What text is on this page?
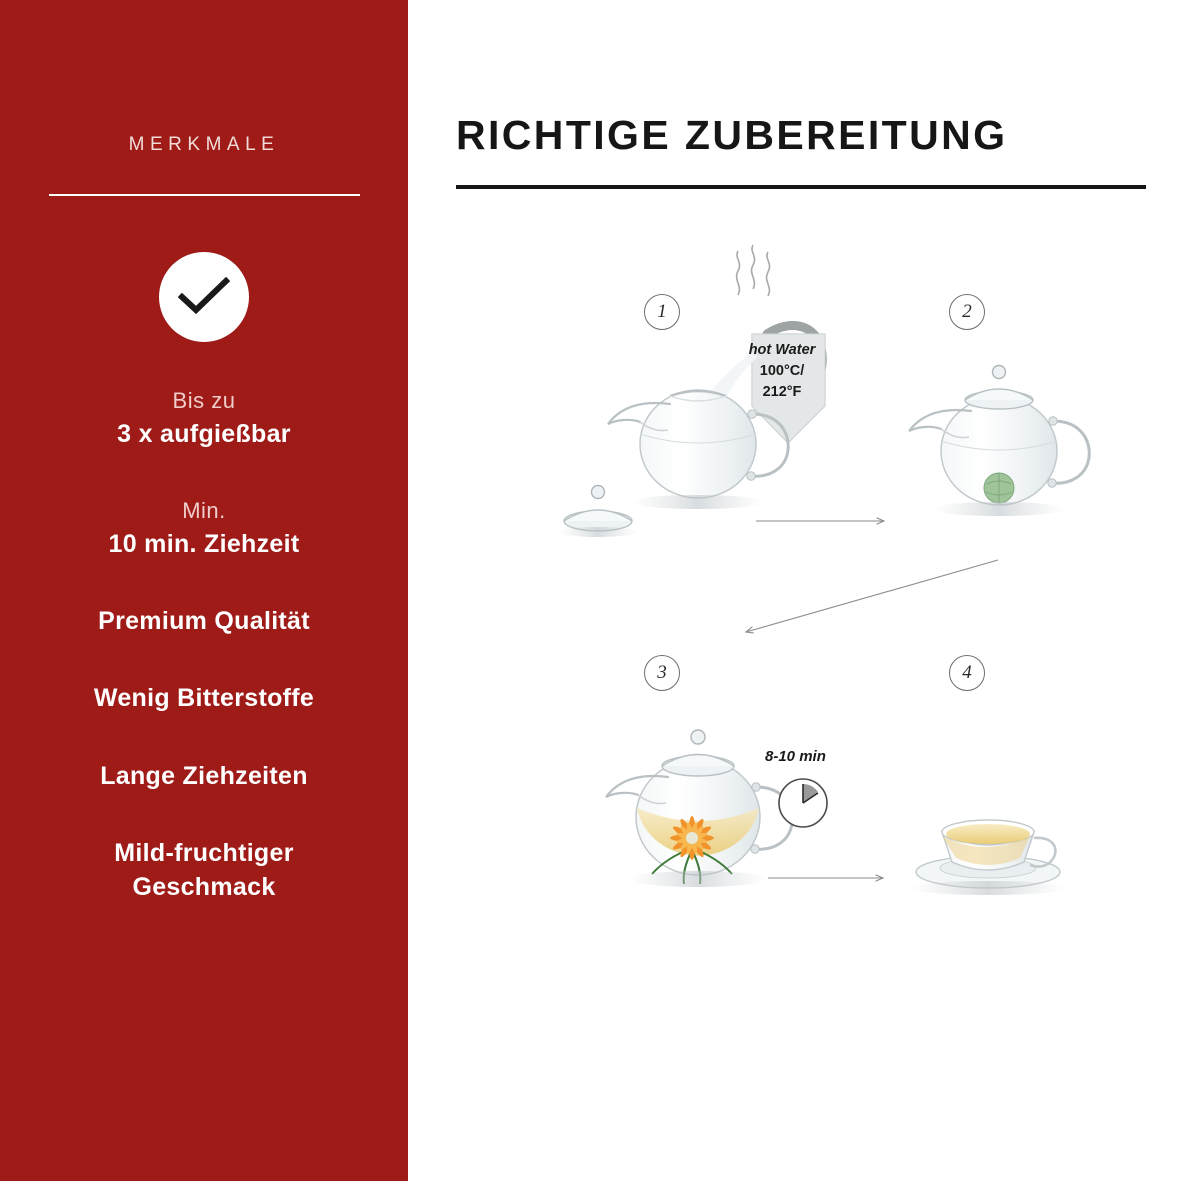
MERKMALE
Bis zu
3 x aufgießbar
Min.
10 min. Ziehzeit
Premium Qualität
Wenig Bitterstoffe
Lange Ziehzeiten
Mild-fruchtiger
Geschmack
RICHTIGE ZUBEREITUNG
1	2
3	4
hot Water
100°C/
212°F
8-10 min
